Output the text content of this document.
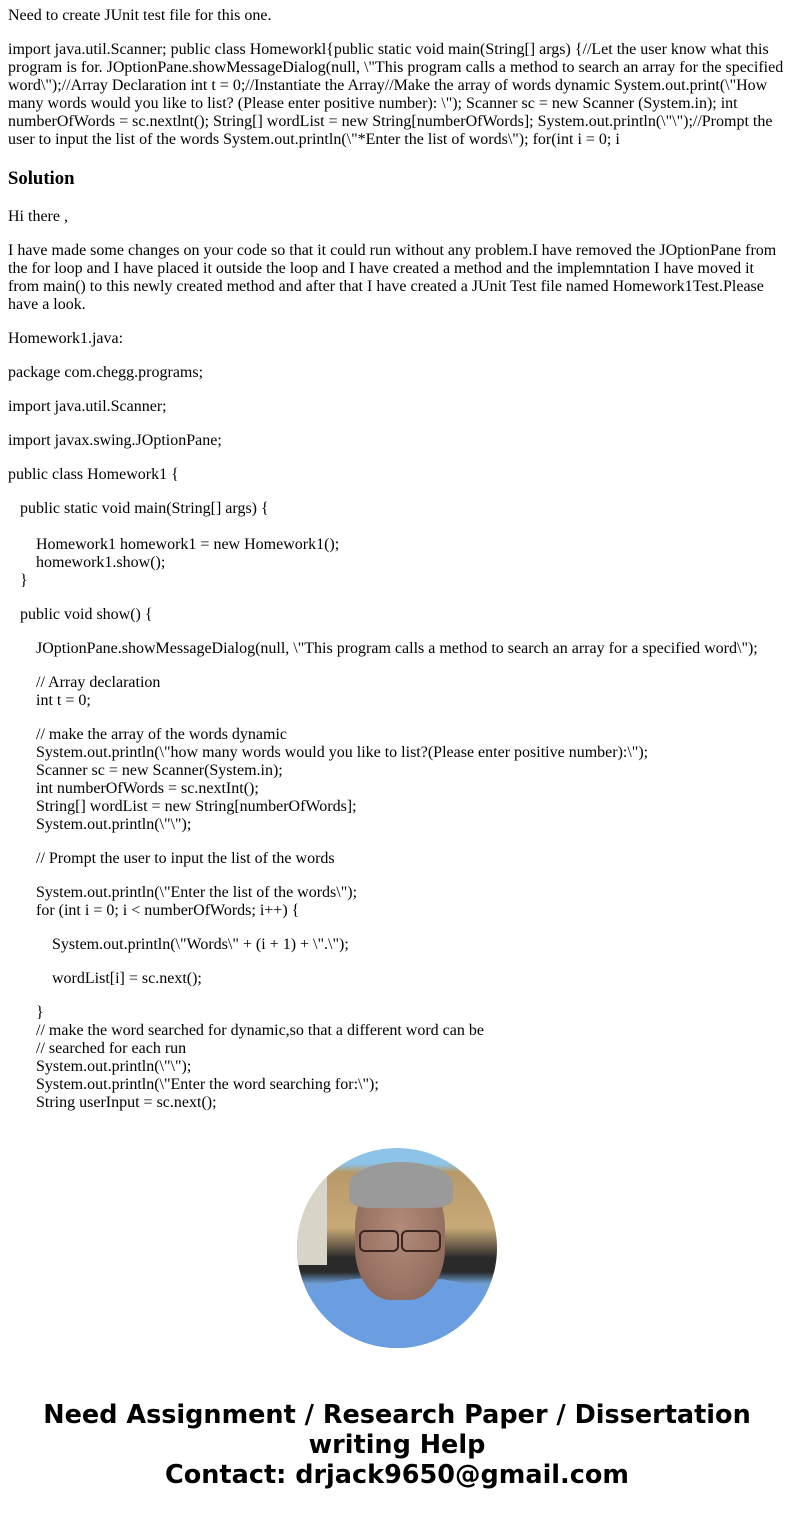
Need to create JUnit test file for this one.

import java.util.Scanner; public class Homeworkl{public static void main(String[] args) {//Let the user know what this program is for. JOptionPane.showMessageDialog(null, \"This program calls a method to search an array for the specified word\");//Array Declaration int t = 0;//Instantiate the Array//Make the array of words dynamic System.out.print(\"How many words would you like to list? (Please enter positive number): \"); Scanner sc = new Scanner (System.in); int numberOfWords = sc.nextlnt(); String[] wordList = new String[numberOfWords]; System.out.println(\"\");//Prompt the user to input the list of the words System.out.println(\"*Enter the list of words\"); for(int i = 0; i

Solution

Hi there ,

I have made some changes on your code so that it could run without any problem.I have removed the JOptionPane from the for loop and I have placed it outside the loop and I have created a method and the implemntation I have moved it from main() to this newly created method and after that I have created a JUnit Test file named Homework1Test.Please have a look.

Homework1.java:

package com.chegg.programs;

import java.util.Scanner;

import javax.swing.JOptionPane;

public class Homework1 {

public static void main(String[] args) {
Homework1 homework1 = new Homework1();
homework1.show();
}
public void show() {
JOptionPane.showMessageDialog(null, \"This program calls a method to search an array for a specified word\");
// Array declaration
int t = 0;
// make the array of the words dynamic
System.out.println(\"how many words would you like to list?(Please enter positive number):\");
Scanner sc = new Scanner(System.in);
int numberOfWords = sc.nextInt();
String[] wordList = new String[numberOfWords];
System.out.println(\"\");
// Prompt the user to input the list of the words
System.out.println(\"Enter the list of the words\");
for (int i = 0; i < numberOfWords; i++) {
System.out.println(\"Words\" + (i + 1) + \".\");
wordList[i] = sc.next();
}
// make the word searched for dynamic,so that a different word can be
// searched for each run
System.out.println(\"\");
System.out.println(\"Enter the word searching for:\");
String userInput = sc.next();
Need Assignment / Research Paper / Dissertation
writing Help
Contact: drjack9650@gmail.com
